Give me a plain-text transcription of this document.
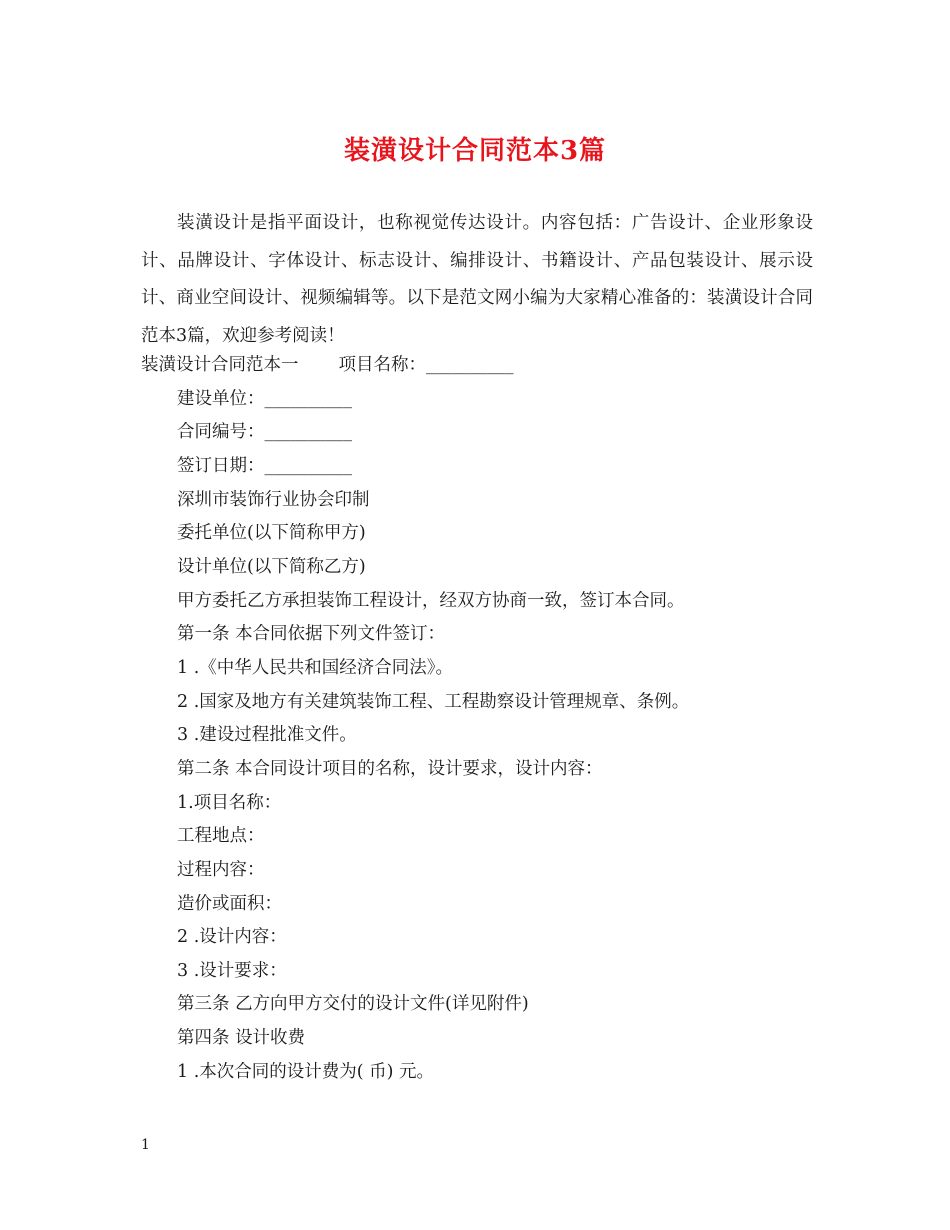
装潢设计合同范本3篇

装潢设计是指平面设计，也称视觉传达设计。内容包括：广告设计、企业形象设计、品牌设计、字体设计、标志设计、编排设计、书籍设计、产品包装设计、展示设计、商业空间设计、视频编辑等。以下是范文网小编为大家精心准备的：装潢设计合同范本3篇，欢迎参考阅读！

装潢设计合同范本一 项目名称：__________

建设单位：__________

合同编号：__________

签订日期：__________

深圳市装饰行业协会印制

委托单位(以下简称甲方)

设计单位(以下简称乙方)

甲方委托乙方承担装饰工程设计，经双方协商一致，签订本合同。

第一条 本合同依据下列文件签订：

1 .《中华人民共和国经济合同法》。

2 .国家及地方有关建筑装饰工程、工程勘察设计管理规章、条例。

3 .建设过程批准文件。

第二条 本合同设计项目的名称，设计要求，设计内容：

1.项目名称：

工程地点：

过程内容：

造价或面积：

2 .设计内容：

3 .设计要求：

第三条 乙方向甲方交付的设计文件(详见附件)

第四条 设计收费

1 .本次合同的设计费为( 币) 元。

1
